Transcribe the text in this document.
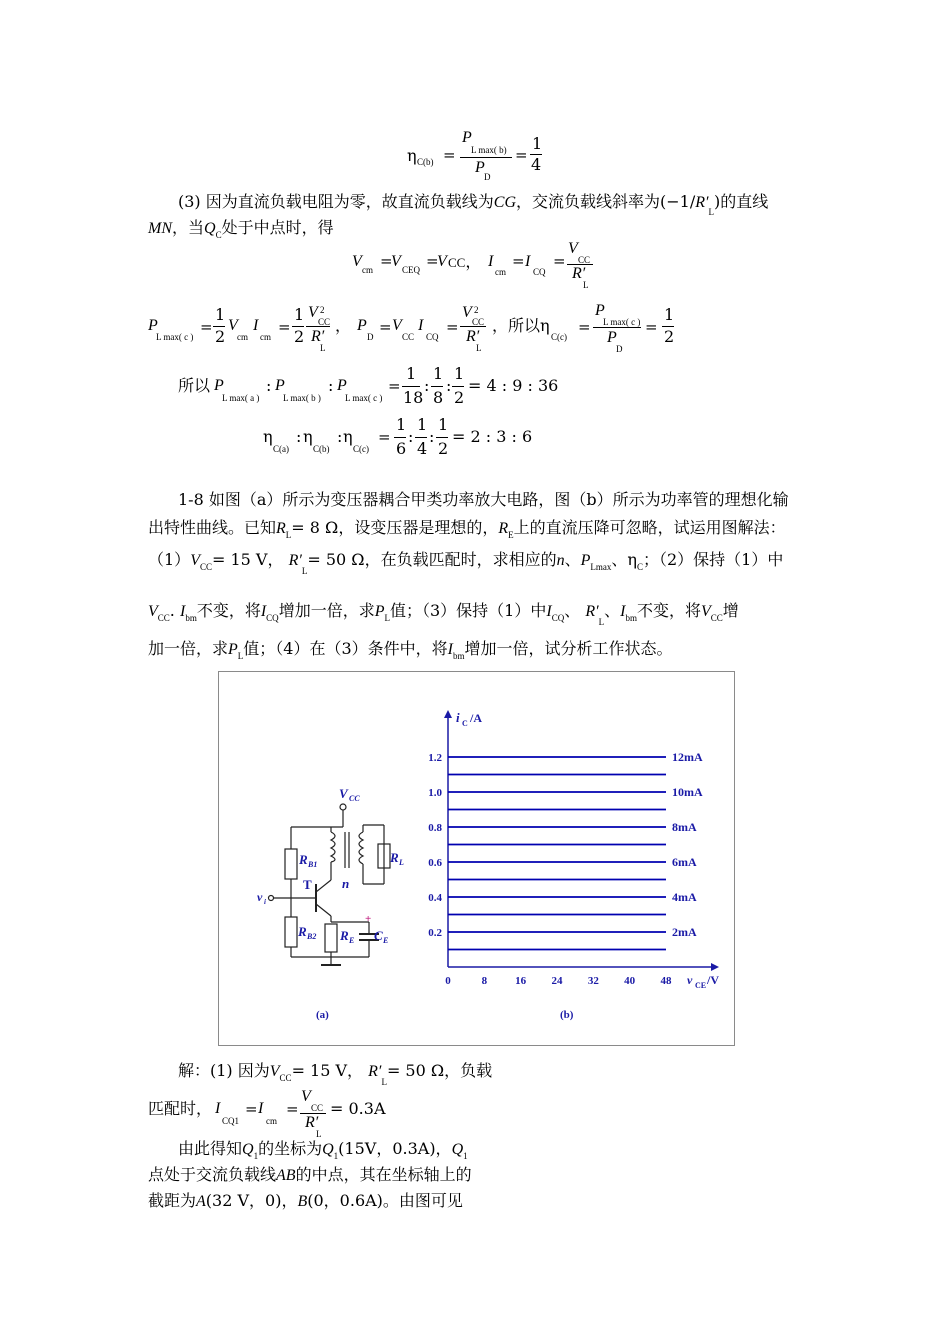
η C(b) =
P
L max( b)
P
D
=
1
4
(3) 因为直流负载电阻为零，故直流负载线为CG，交流负载线斜率为$(-1/R'_L)$的直线
MN，当$Q_C$处于中点时，得
V cm =
V CEQ =
V CC， I
cm
= I
CQ
=
V
CC
R′
L
P
L max( c )
=
1
2
V
cm
I
cm
=
1
2
V 2
CC
R′
L
， P
D
= V
CC
I
CQ
=
V 2
CC
R′
L
， 所以η
C(c)
=
P
L max( c )
P
D
=
1
2
所以 P
L max( a )
: P
L max( b )
: P
L max( c )
=
1
18
:
1
8
:
1
2
= 4 : 9 : 36
η
C(a)
: η
C(b)
: η
C(c)
=
1
6
:
1
4
:
1
2
= 2 : 3 : 6
1-8 如图（a）所示为变压器耦合甲类功率放大电路，图（b）所示为功率管的理想化输
出特性曲线。已知$R_L= 8$ Ω，设变压器是理想的，$R_E$上的直流压降可忽略，试运用图解法：
$(1)V_{CC}= 15$ V， $R'_L= 50$ Ω，在负载匹配时，求相应的n、$P_{Lmax}$、$\eta_C$；（2）保持（1）中
$V_{CC}$. $I_{bm}$不变，将$I_{CQ}$增加一倍，求$P_L$值；（3）保持（1）中$I_{CQ}$、 $R'_L$、$I_{bm}$不变，将$V_{CC}$增
加一倍，求$P_L$值；（4）在（3）条件中，将$I_{bm}$增加一倍，试分析工作状态。
V CC
R B1
R B2 R E C E
R L
T n
v i
+
(a)
0.2
0.4
0.6
0.8
1.0
1.2
0	8	16 24 32 40 48
2mA
4mA
6mA
8mA
10mA
12mA
i C /A
v CE /V
(b)
解：(1) 因为$V_{CC}= 15$ V， $R'_L= 50$ Ω，负载
匹配时， I
CQ1
= I
cm
=
V
CC
R′
L
= 0.3A
由此得知$Q_1$的坐标为$Q_1(15V$，0.3A)，$Q_1$
点处于交流负载线AB的中点，其在坐标轴上的
截距为A(32 V，0)，B(0，0.6A)。由图可见
